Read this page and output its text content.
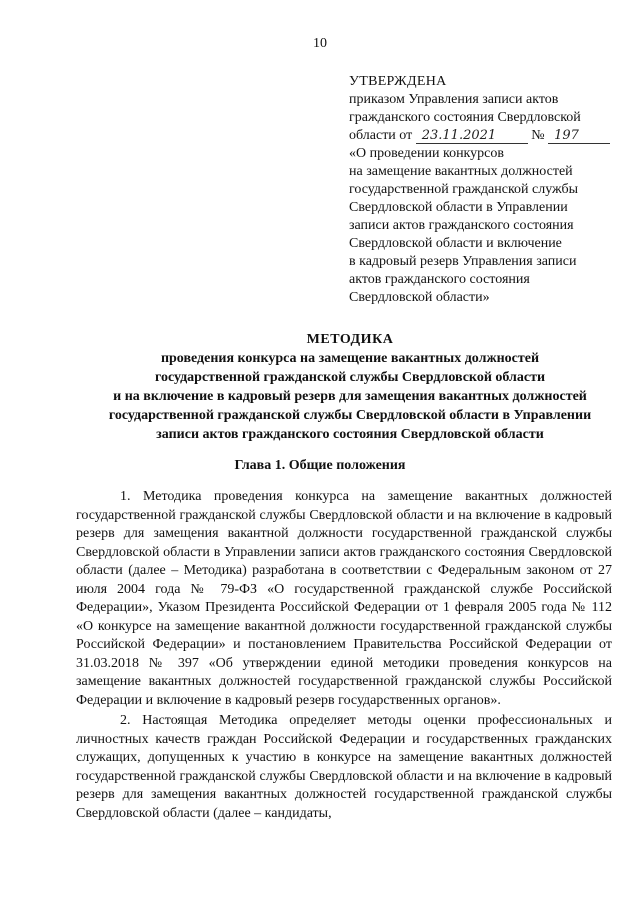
10
УТВЕРЖДЕНА
приказом Управления записи актов
гражданского состояния Свердловской
области от 23.11.2021	№ 197
«О проведении конкурсов
на замещение вакантных должностей
государственной гражданской службы
Свердловской области в Управлении
записи актов гражданского состояния
Свердловской области и включение
в кадровый резерв Управления записи
актов гражданского состояния
Свердловской области»
МЕТОДИКА
проведения конкурса на замещение вакантных должностей
государственной гражданской службы Свердловской области
и на включение в кадровый резерв для замещения вакантных должностей
государственной гражданской службы Свердловской области в Управлении
записи актов гражданского состояния Свердловской области
Глава 1. Общие положения

1. Методика проведения конкурса на замещение вакантных должностей государственной гражданской службы Свердловской области и на включение в кадровый резерв для замещения вакантной должности государственной гражданской службы Свердловской области в Управлении записи актов гражданского состояния Свердловской области (далее – Методика) разработана в соответствии с Федеральным законом от 27 июля 2004 года № 79-ФЗ «О государственной гражданской службе Российской Федерации», Указом Президента Российской Федерации от 1 февраля 2005 года № 112 «О конкурсе на замещение вакантной должности государственной гражданской службы Российской Федерации» и постановлением Правительства Российской Федерации от 31.03.2018 № 397 «Об утверждении единой методики проведения конкурсов на замещение вакантных должностей государственной гражданской службы Российской Федерации и включение в кадровый резерв государственных органов».

2. Настоящая Методика определяет методы оценки профессиональных и личностных качеств граждан Российской Федерации и государственных гражданских служащих, допущенных к участию в конкурсе на замещение вакантных должностей государственной гражданской службы Свердловской области и на включение в кадровый резерв для замещения вакантных должностей государственной гражданской службы Свердловской области (далее – кандидаты,
